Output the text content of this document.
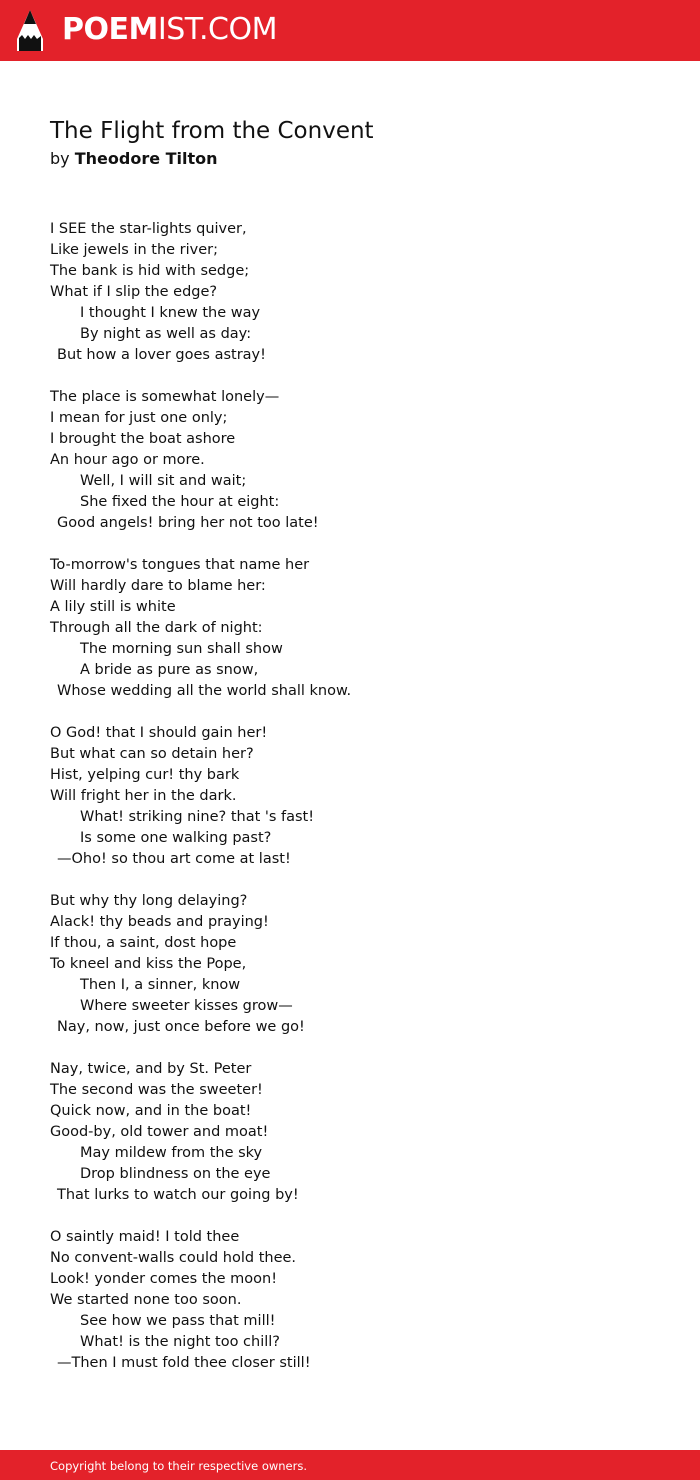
POEMIST.COM
The Flight from the Convent
by Theodore Tilton
I SEE the star-lights quiver,
Like jewels in the river;
The bank is hid with sedge;
What if I slip the edge?
I thought I knew the way
By night as well as day:
But how a lover goes astray!
The place is somewhat lonely—
I mean for just one only;
I brought the boat ashore
An hour ago or more.
Well, I will sit and wait;
She fixed the hour at eight:
Good angels! bring her not too late!
To-morrow's tongues that name her
Will hardly dare to blame her:
A lily still is white
Through all the dark of night:
The morning sun shall show
A bride as pure as snow,
Whose wedding all the world shall know.
O God! that I should gain her!
But what can so detain her?
Hist, yelping cur! thy bark
Will fright her in the dark.
What! striking nine? that 's fast!
Is some one walking past?
—Oho! so thou art come at last!
But why thy long delaying?
Alack! thy beads and praying!
If thou, a saint, dost hope
To kneel and kiss the Pope,
Then I, a sinner, know
Where sweeter kisses grow—
Nay, now, just once before we go!
Nay, twice, and by St. Peter
The second was the sweeter!
Quick now, and in the boat!
Good-by, old tower and moat!
May mildew from the sky
Drop blindness on the eye
That lurks to watch our going by!
O saintly maid! I told thee
No convent-walls could hold thee.
Look! yonder comes the moon!
We started none too soon.
See how we pass that mill!
What! is the night too chill?
—Then I must fold thee closer still!
Copyright belong to their respective owners.
